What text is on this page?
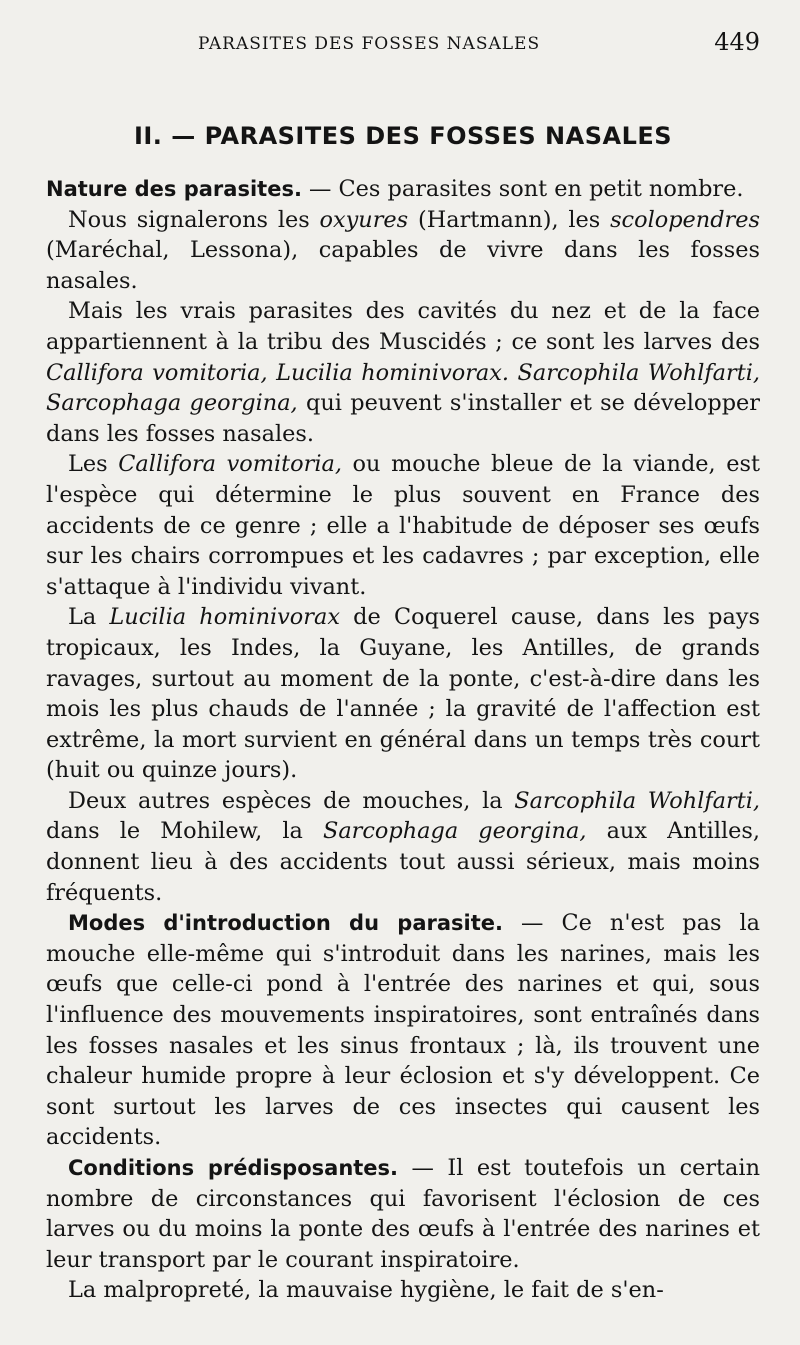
PARASITES DES FOSSES NASALES	449
II. — PARASITES DES FOSSES NASALES

Nature des parasites. — Ces parasites sont en petit nombre.

Nous signalerons les oxyures (Hartmann), les scolopendres (Maréchal, Lessona), capables de vivre dans les fosses nasales.

Mais les vrais parasites des cavités du nez et de la face appartiennent à la tribu des Muscidés ; ce sont les larves des Callifora vomitoria, Lucilia hominivorax. Sarcophila Wohlfarti, Sarcophaga georgina, qui peuvent s'installer et se développer dans les fosses nasales.

Les Callifora vomitoria, ou mouche bleue de la viande, est l'espèce qui détermine le plus souvent en France des accidents de ce genre ; elle a l'habitude de déposer ses œufs sur les chairs corrompues et les cadavres ; par exception, elle s'attaque à l'individu vivant.

La Lucilia hominivorax de Coquerel cause, dans les pays tropicaux, les Indes, la Guyane, les Antilles, de grands ravages, surtout au moment de la ponte, c'est-à-dire dans les mois les plus chauds de l'année ; la gravité de l'affection est extrême, la mort survient en général dans un temps très court (huit ou quinze jours).

Deux autres espèces de mouches, la Sarcophila Wohlfarti, dans le Mohilew, la Sarcophaga georgina, aux Antilles, donnent lieu à des accidents tout aussi sérieux, mais moins fréquents.

Modes d'introduction du parasite. — Ce n'est pas la mouche elle-même qui s'introduit dans les narines, mais les œufs que celle-ci pond à l'entrée des narines et qui, sous l'influence des mouvements inspiratoires, sont entraînés dans les fosses nasales et les sinus frontaux ; là, ils trouvent une chaleur humide propre à leur éclosion et s'y développent. Ce sont surtout les larves de ces insectes qui causent les accidents.

Conditions prédisposantes. — Il est toutefois un certain nombre de circonstances qui favorisent l'éclosion de ces larves ou du moins la ponte des œufs à l'entrée des narines et leur transport par le courant inspiratoire.

La malpropreté, la mauvaise hygiène, le fait de s'en-
